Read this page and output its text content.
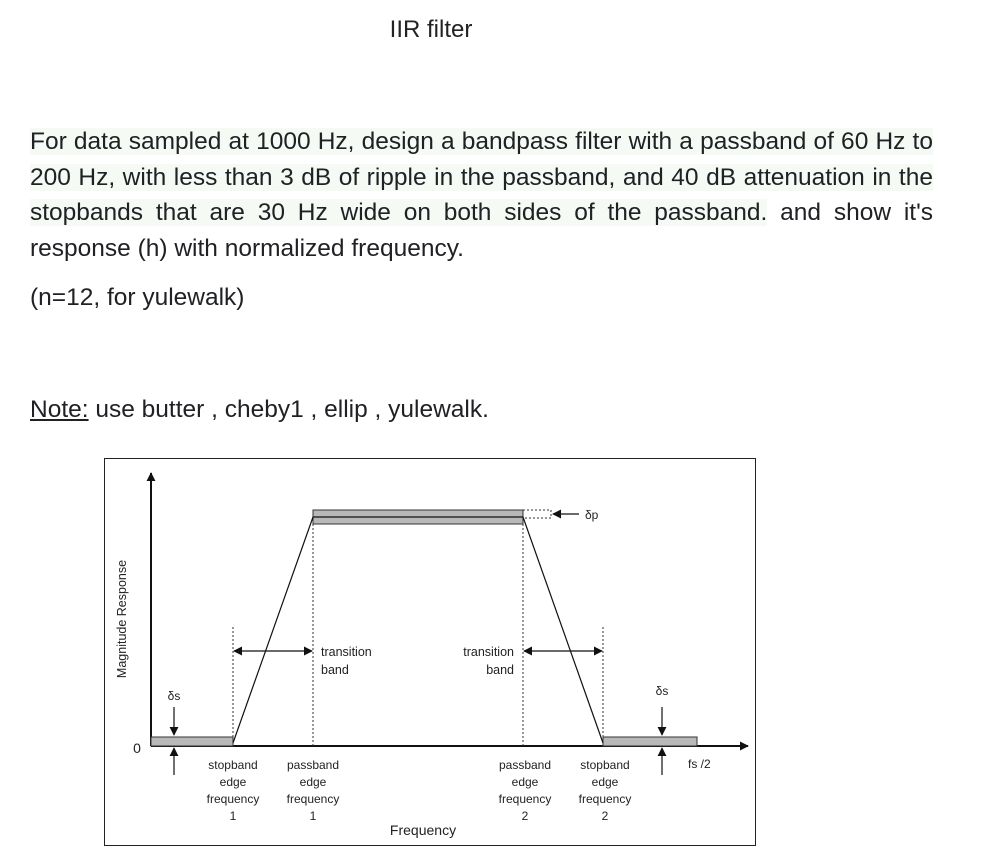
IIR filter
For data sampled at 1000 Hz, design a bandpass filter with a passband of 60 Hz to 200 Hz, with less than 3 dB of ripple in the passband, and 40 dB attenuation in the stopbands that are 30 Hz wide on both sides of the passband. and show it's response (h) with normalized frequency.
(n=12, for yulewalk)
Note: use butter , cheby1 , ellip , yulewalk.
Magnitude Response
0
Frequency
δs	δs
δp
fs /2
transition
band
transition
band
stopband
edge
frequency
1
passband
edge
frequency
1
passband
edge
frequency
2
stopband
edge
frequency
2
